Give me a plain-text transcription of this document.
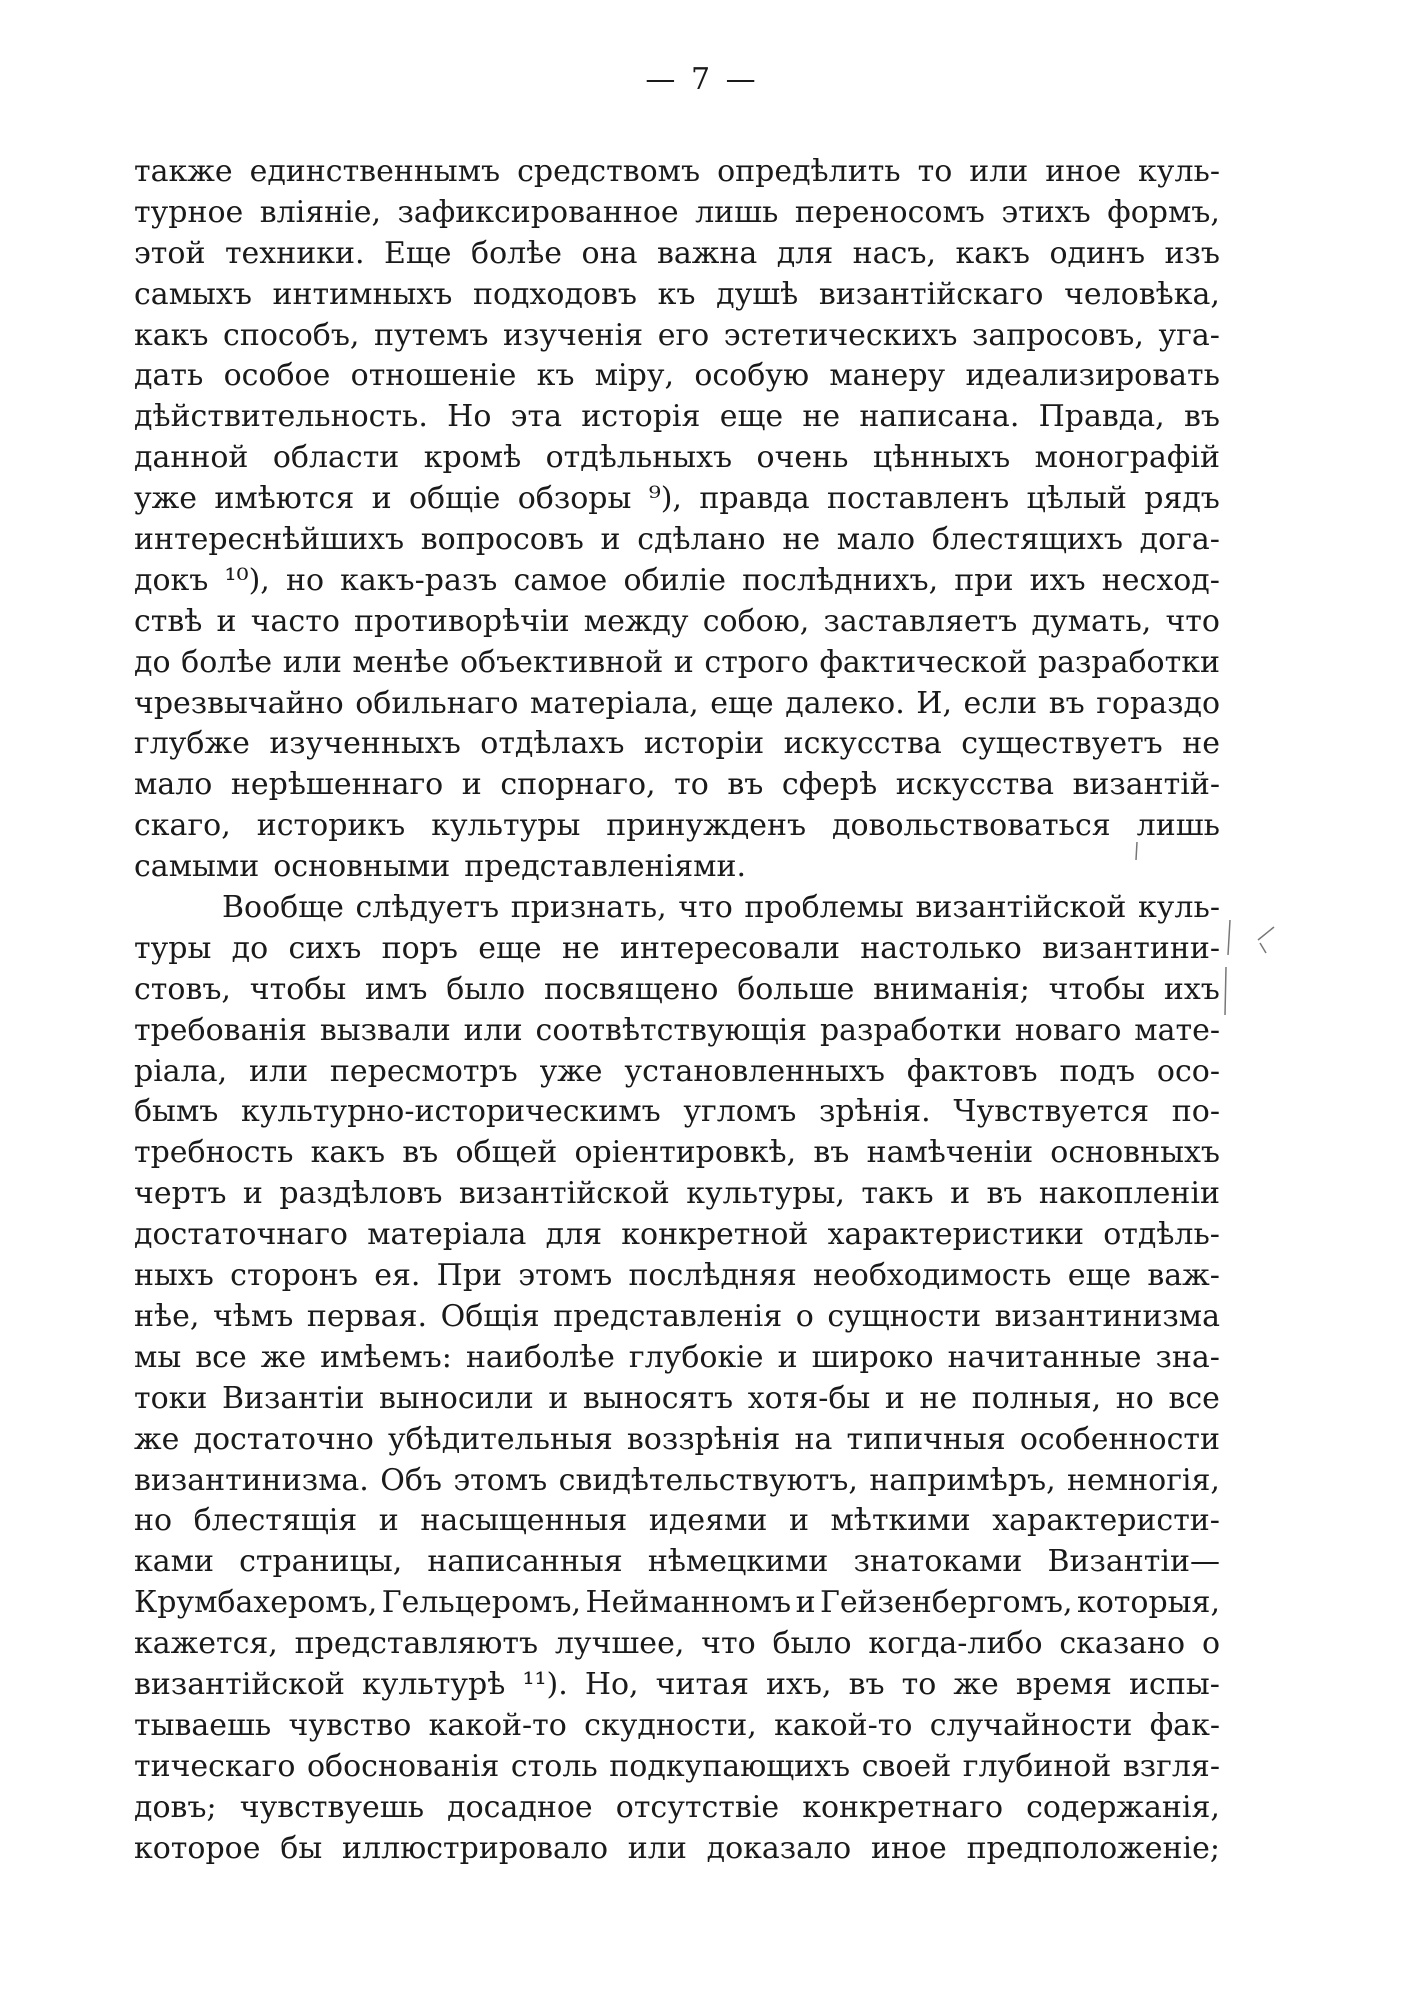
— 7 —
также единственнымъ средствомъ опредѣлить то или иное куль-
турное вліяніе, зафиксированное лишь переносомъ этихъ формъ,
этой техники. Еще болѣе она важна для насъ, какъ одинъ изъ
самыхъ интимныхъ подходовъ къ душѣ византійскаго человѣка,
какъ способъ, путемъ изученія его эстетическихъ запросовъ, уга-
дать особое отношеніе къ міру, особую манеру идеализировать
дѣйствительность. Но эта исторія еще не написана. Правда, въ
данной области кромѣ отдѣльныхъ очень цѣнныхъ монографій
уже имѣются и общіе обзоры ⁹), правда поставленъ цѣлый рядъ
интереснѣйшихъ вопросовъ и сдѣлано не мало блестящихъ дога-
докъ ¹⁰), но какъ-разъ самое обиліе послѣднихъ, при ихъ несход-
ствѣ и часто противорѣчіи между собою, заставляетъ думать, что
до болѣе или менѣе объективной и строго фактической разработки
чрезвычайно обильнаго матеріала, еще далеко. И, если въ гораздо
глубже изученныхъ отдѣлахъ исторіи искусства существуетъ не
мало нерѣшеннаго и спорнаго, то въ сферѣ искусства византій-
скаго, историкъ культуры принужденъ довольствоваться лишь
самыми основными представленіями.
Вообще слѣдуетъ признать, что проблемы византійской куль-
туры до сихъ поръ еще не интересовали настолько византини-
стовъ, чтобы имъ было посвящено больше вниманія; чтобы ихъ
требованія вызвали или соотвѣтствующія разработки новаго мате-
ріала, или пересмотръ уже установленныхъ фактовъ подъ осо-
бымъ культурно-историческимъ угломъ зрѣнія. Чувствуется по-
требность какъ въ общей оріентировкѣ, въ намѣченіи основныхъ
чертъ и раздѣловъ византійской культуры, такъ и въ накопленіи
достаточнаго матеріала для конкретной характеристики отдѣль-
ныхъ сторонъ ея. При этомъ послѣдняя необходимость еще важ-
нѣе, чѣмъ первая. Общія представленія о сущности византинизма
мы все же имѣемъ: наиболѣе глубокіе и широко начитанные зна-
токи Византіи выносили и выносятъ хотя-бы и не полныя, но все
же достаточно убѣдительныя воззрѣнія на типичныя особенности
византинизма. Объ этомъ свидѣтельствуютъ, напримѣръ, немногія,
но блестящія и насыщенныя идеями и мѣткими характеристи-
ками страницы, написанныя нѣмецкими знатоками Византіи—
Крумбахеромъ, Гельцеромъ, Нейманномъ и Гейзенбергомъ, которыя,
кажется, представляютъ лучшее, что было когда-либо сказано о
византійской культурѣ ¹¹). Но, читая ихъ, въ то же время испы-
тываешь чувство какой-то скудности, какой-то случайности фак-
тическаго обоснованія столь подкупающихъ своей глубиной взгля-
довъ; чувствуешь досадное отсутствіе конкретнаго содержанія,
которое бы иллюстрировало или доказало иное предположеніе;
